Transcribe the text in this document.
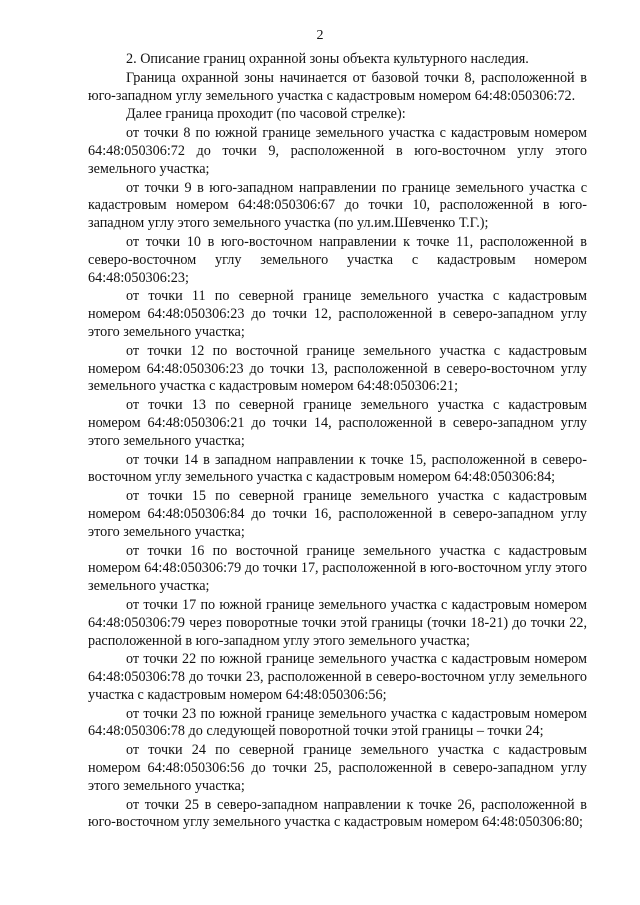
2

2. Описание границ охранной зоны объекта культурного наследия.

Граница охранной зоны начинается от базовой точки 8, расположенной в юго-западном углу земельного участка с кадастровым номером 64:48:050306:72.

Далее граница проходит (по часовой стрелке):

от точки 8 по южной границе земельного участка с кадастровым номером 64:48:050306:72 до точки 9, расположенной в юго-восточном углу этого земельного участка;

от точки 9 в юго-западном направлении по границе земельного участка с кадастровым номером 64:48:050306:67 до точки 10, расположенной в юго-западном углу этого земельного участка (по ул.им.Шевченко Т.Г.);

от точки 10 в юго-восточном направлении к точке 11, расположенной в северо-восточном углу земельного участка с кадастровым номером 64:48:050306:23;

от точки 11 по северной границе земельного участка с кадастровым номером 64:48:050306:23 до точки 12, расположенной в северо-западном углу этого земельного участка;

от точки 12 по восточной границе земельного участка с кадастровым номером 64:48:050306:23 до точки 13, расположенной в северо-восточном углу земельного участка с кадастровым номером 64:48:050306:21;

от точки 13 по северной границе земельного участка с кадастровым номером 64:48:050306:21 до точки 14, расположенной в северо-западном углу этого земельного участка;

от точки 14 в западном направлении к точке 15, расположенной в северо-восточном углу земельного участка с кадастровым номером 64:48:050306:84;

от точки 15 по северной границе земельного участка с кадастровым номером 64:48:050306:84 до точки 16, расположенной в северо-западном углу этого земельного участка;

от точки 16 по восточной границе земельного участка с кадастровым номером 64:48:050306:79 до точки 17, расположенной в юго-восточном углу этого земельного участка;

от точки 17 по южной границе земельного участка с кадастровым номером 64:48:050306:79 через поворотные точки этой границы (точки 18-21) до точки 22, расположенной в юго-западном углу этого земельного участка;

от точки 22 по южной границе земельного участка с кадастровым номером 64:48:050306:78 до точки 23, расположенной в северо-восточном углу земельного участка с кадастровым номером 64:48:050306:56;

от точки 23 по южной границе земельного участка с кадастровым номером 64:48:050306:78 до следующей поворотной точки этой границы – точки 24;

от точки 24 по северной границе земельного участка с кадастровым номером 64:48:050306:56 до точки 25, расположенной в северо-западном углу этого земельного участка;

от точки 25 в северо-западном направлении к точке 26, расположенной в юго-восточном углу земельного участка с кадастровым номером 64:48:050306:80;
